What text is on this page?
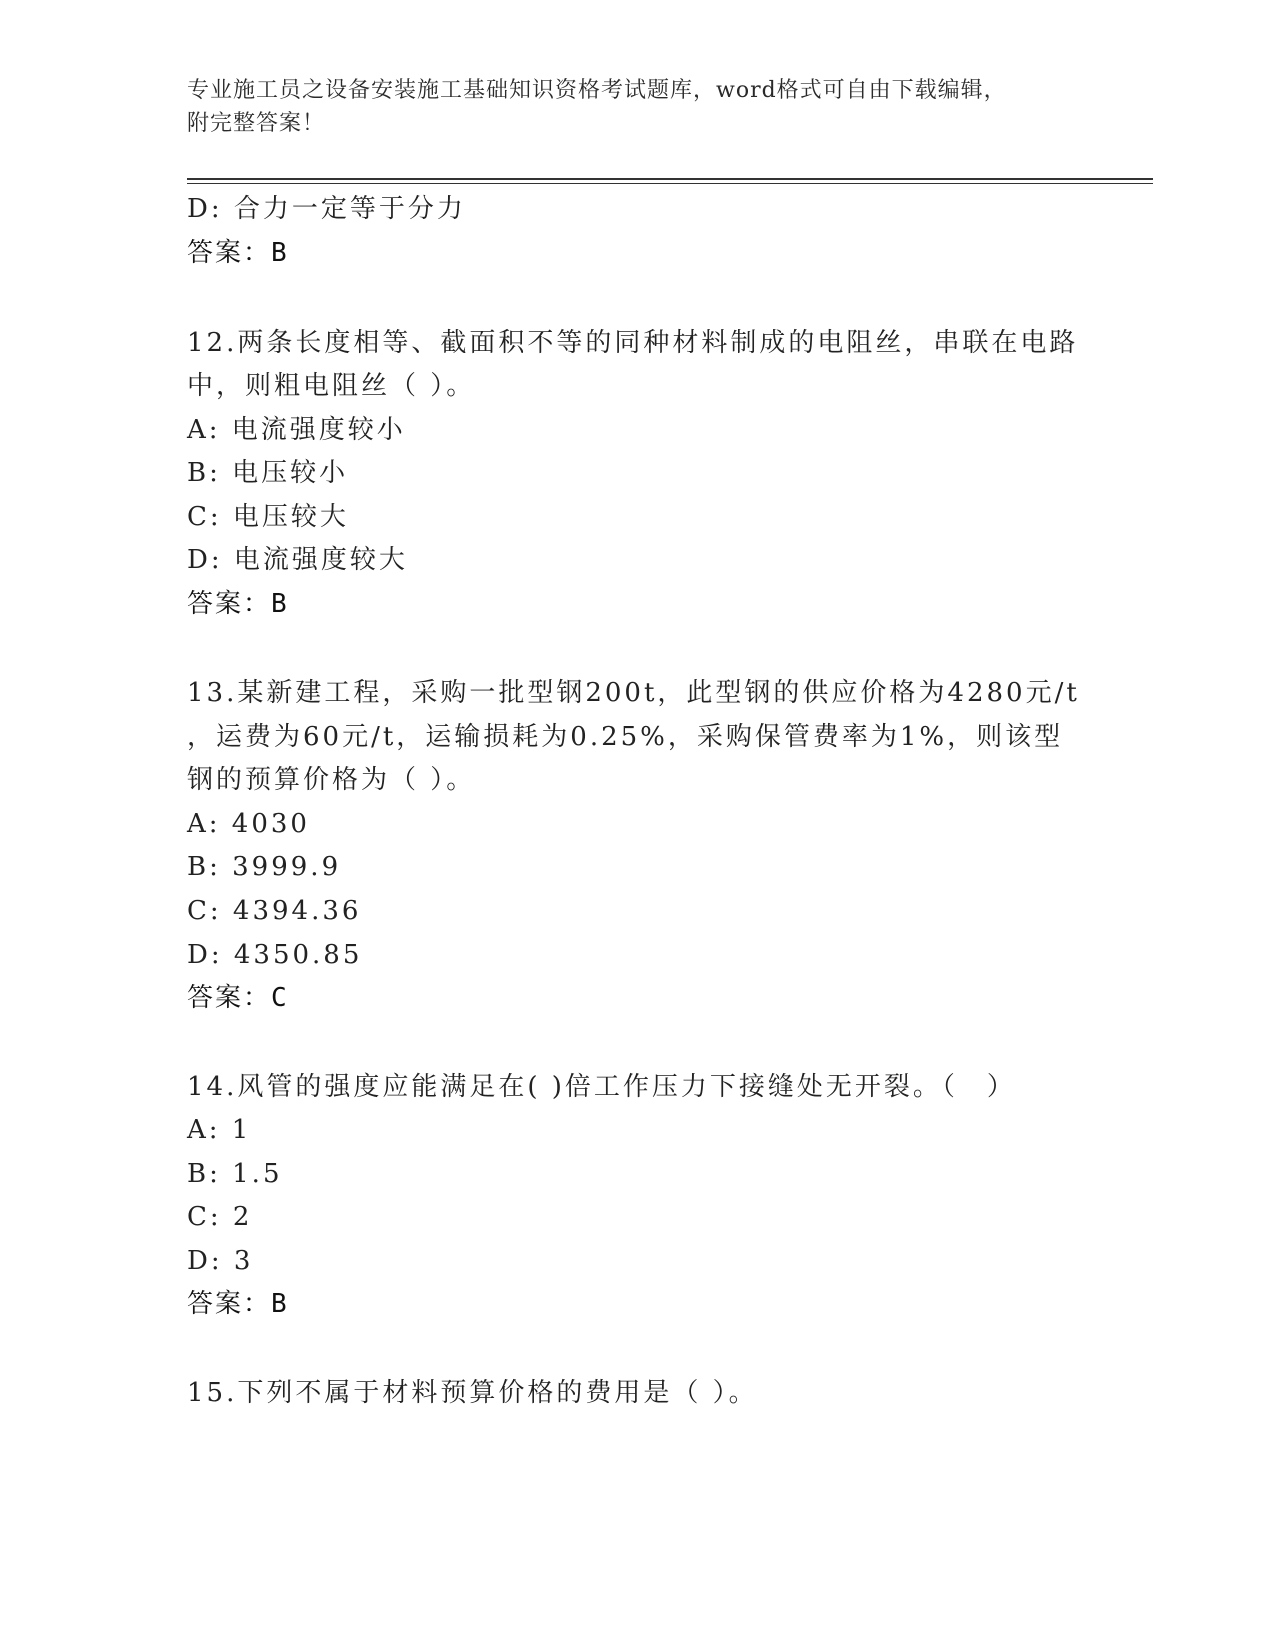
专业施工员之设备安装施工基础知识资格考试题库，word格式可自由下载编辑，
附完整答案！
D: 合力一定等于分力
答案：B
12.两条长度相等、截面积不等的同种材料制成的电阻丝，串联在电路
中，则粗电阻丝（ ）。
A: 电流强度较小
B: 电压较小
C: 电压较大
D: 电流强度较大
答案：B
13.某新建工程，采购一批型钢200t，此型钢的供应价格为4280元/t
，运费为60元/t，运输损耗为0.25%，采购保管费率为1%，则该型
钢的预算价格为（ ）。
A: 4030
B: 3999.9
C: 4394.36
D: 4350.85
答案：C
14.风管的强度应能满足在( )倍工作压力下接缝处无开裂。（　）
A: 1
B: 1.5
C: 2
D: 3
答案：B
15.下列不属于材料预算价格的费用是（ ）。
